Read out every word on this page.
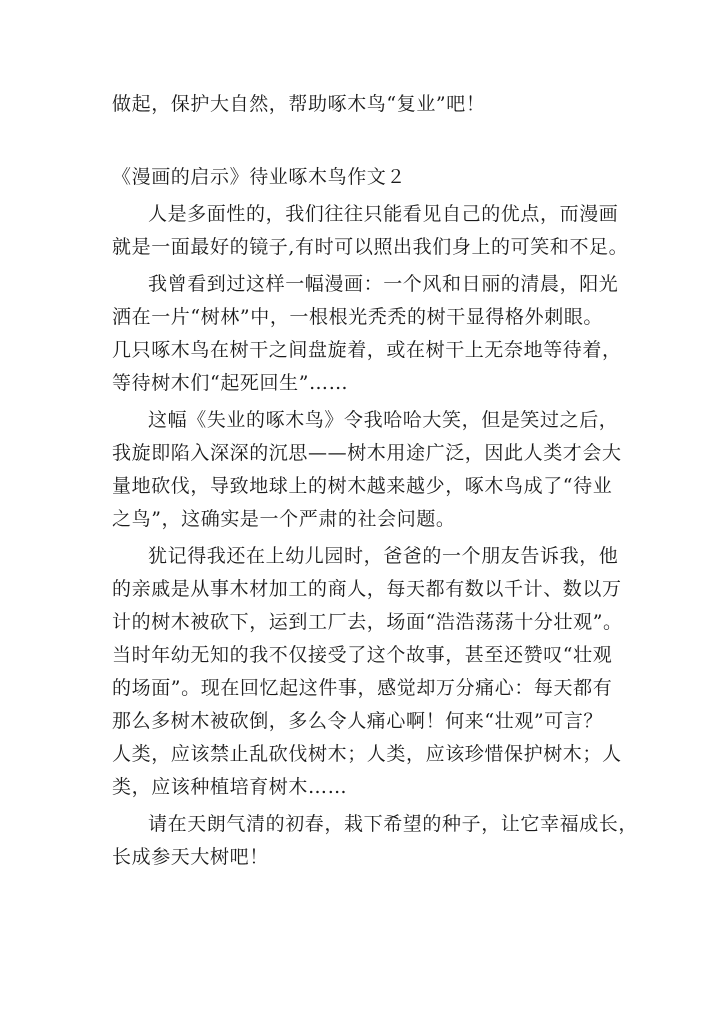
做起，保护大自然，帮助啄木鸟“复业”吧！
《漫画的启示》待业啄木鸟作文２
人是多面性的，我们往往只能看见自己的优点，而漫画
就是一面最好的镜子,有时可以照出我们身上的可笑和不足。
我曾看到过这样一幅漫画：一个风和日丽的清晨，阳光
洒在一片“树林”中，一根根光秃秃的树干显得格外刺眼。
几只啄木鸟在树干之间盘旋着，或在树干上无奈地等待着，
等待树木们“起死回生”……
这幅《失业的啄木鸟》令我哈哈大笑，但是笑过之后，
我旋即陷入深深的沉思——树木用途广泛，因此人类才会大
量地砍伐，导致地球上的树木越来越少，啄木鸟成了“待业
之鸟”，这确实是一个严肃的社会问题。
犹记得我还在上幼儿园时，爸爸的一个朋友告诉我，他
的亲戚是从事木材加工的商人，每天都有数以千计、数以万
计的树木被砍下，运到工厂去，场面“浩浩荡荡十分壮观”。
当时年幼无知的我不仅接受了这个故事，甚至还赞叹“壮观
的场面”。现在回忆起这件事，感觉却万分痛心：每天都有
那么多树木被砍倒，多么令人痛心啊！何来“壮观”可言？
人类，应该禁止乱砍伐树木；人类，应该珍惜保护树木；人
类，应该种植培育树木……
请在天朗气清的初春，栽下希望的种子，让它幸福成长，
长成参天大树吧！
